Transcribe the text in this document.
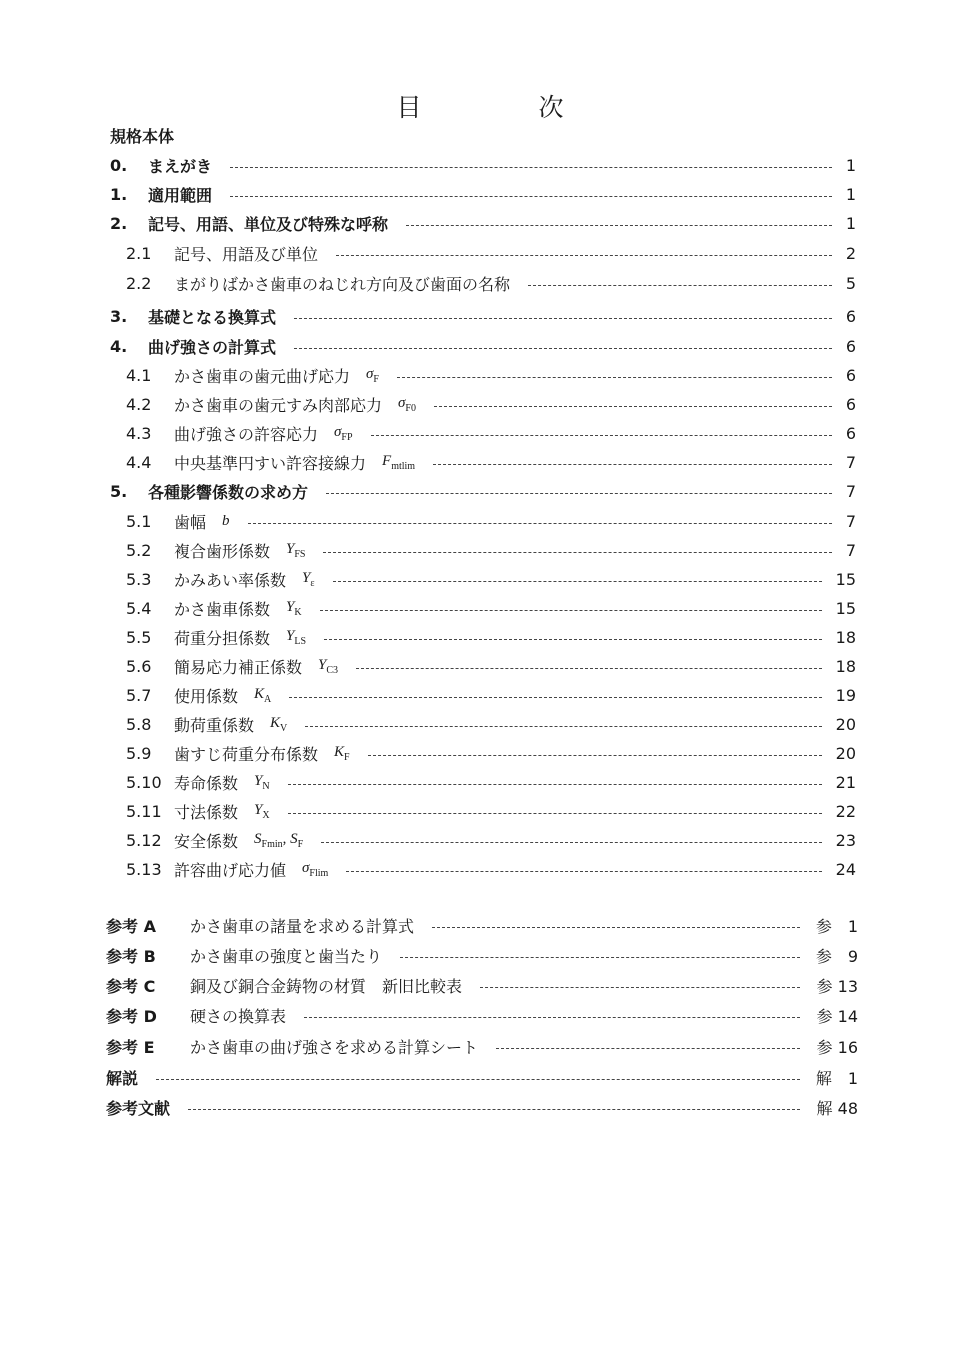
目　次
規格本体
0.	まえがき	1
1.	適用範囲	1
2.	記号、用語、単位及び特殊な呼称	1
2.1	記号、用語及び単位	2
2.2	まがりばかさ歯車のねじれ方向及び歯面の名称	5
3.	基礎となる換算式	6
4.	曲げ強さの計算式	6
4.1	かさ歯車の歯元曲げ応力 $\sigma_F$	6
4.2	かさ歯車の歯元すみ肉部応力 $\sigma_{F0}$	6
4.3	曲げ強さの許容応力 $\sigma_{FP}$	6
4.4	中央基準円すい許容接線力 $F_{mtlim}$	7
5.	各種影響係数の求め方	7
5.1	歯幅 b	7
5.2	複合歯形係数 $Y_{FS}$	7
5.3	かみあい率係数 $Y_\varepsilon$	15
5.4	かさ歯車係数 $Y_K$	15
5.5	荷重分担係数 $Y_{LS}$	18
5.6	簡易応力補正係数 $Y_{C3}$	18
5.7	使用係数 $K_A$	19
5.8	動荷重係数 $K_V$	20
5.9	歯すじ荷重分布係数 $K_F$	20
5.10 寿命係数 $Y_N$	21
5.11 寸法係数 $Y_X$	22
5.12 安全係数 $S_{Fmin}$, $S_F$	23
5.13 許容曲げ応力値 $\sigma_{Flim}$	24
参考 A	かさ歯車の諸量を求める計算式	参　1
参考 B	かさ歯車の強度と歯当たり	参　9
参考 C	銅及び銅合金鋳物の材質　新旧比較表	参 13
参考 D	硬さの換算表	参 14
参考 E	かさ歯車の曲げ強さを求める計算シート	参 16
解説	解　1
参考文献	解 48
